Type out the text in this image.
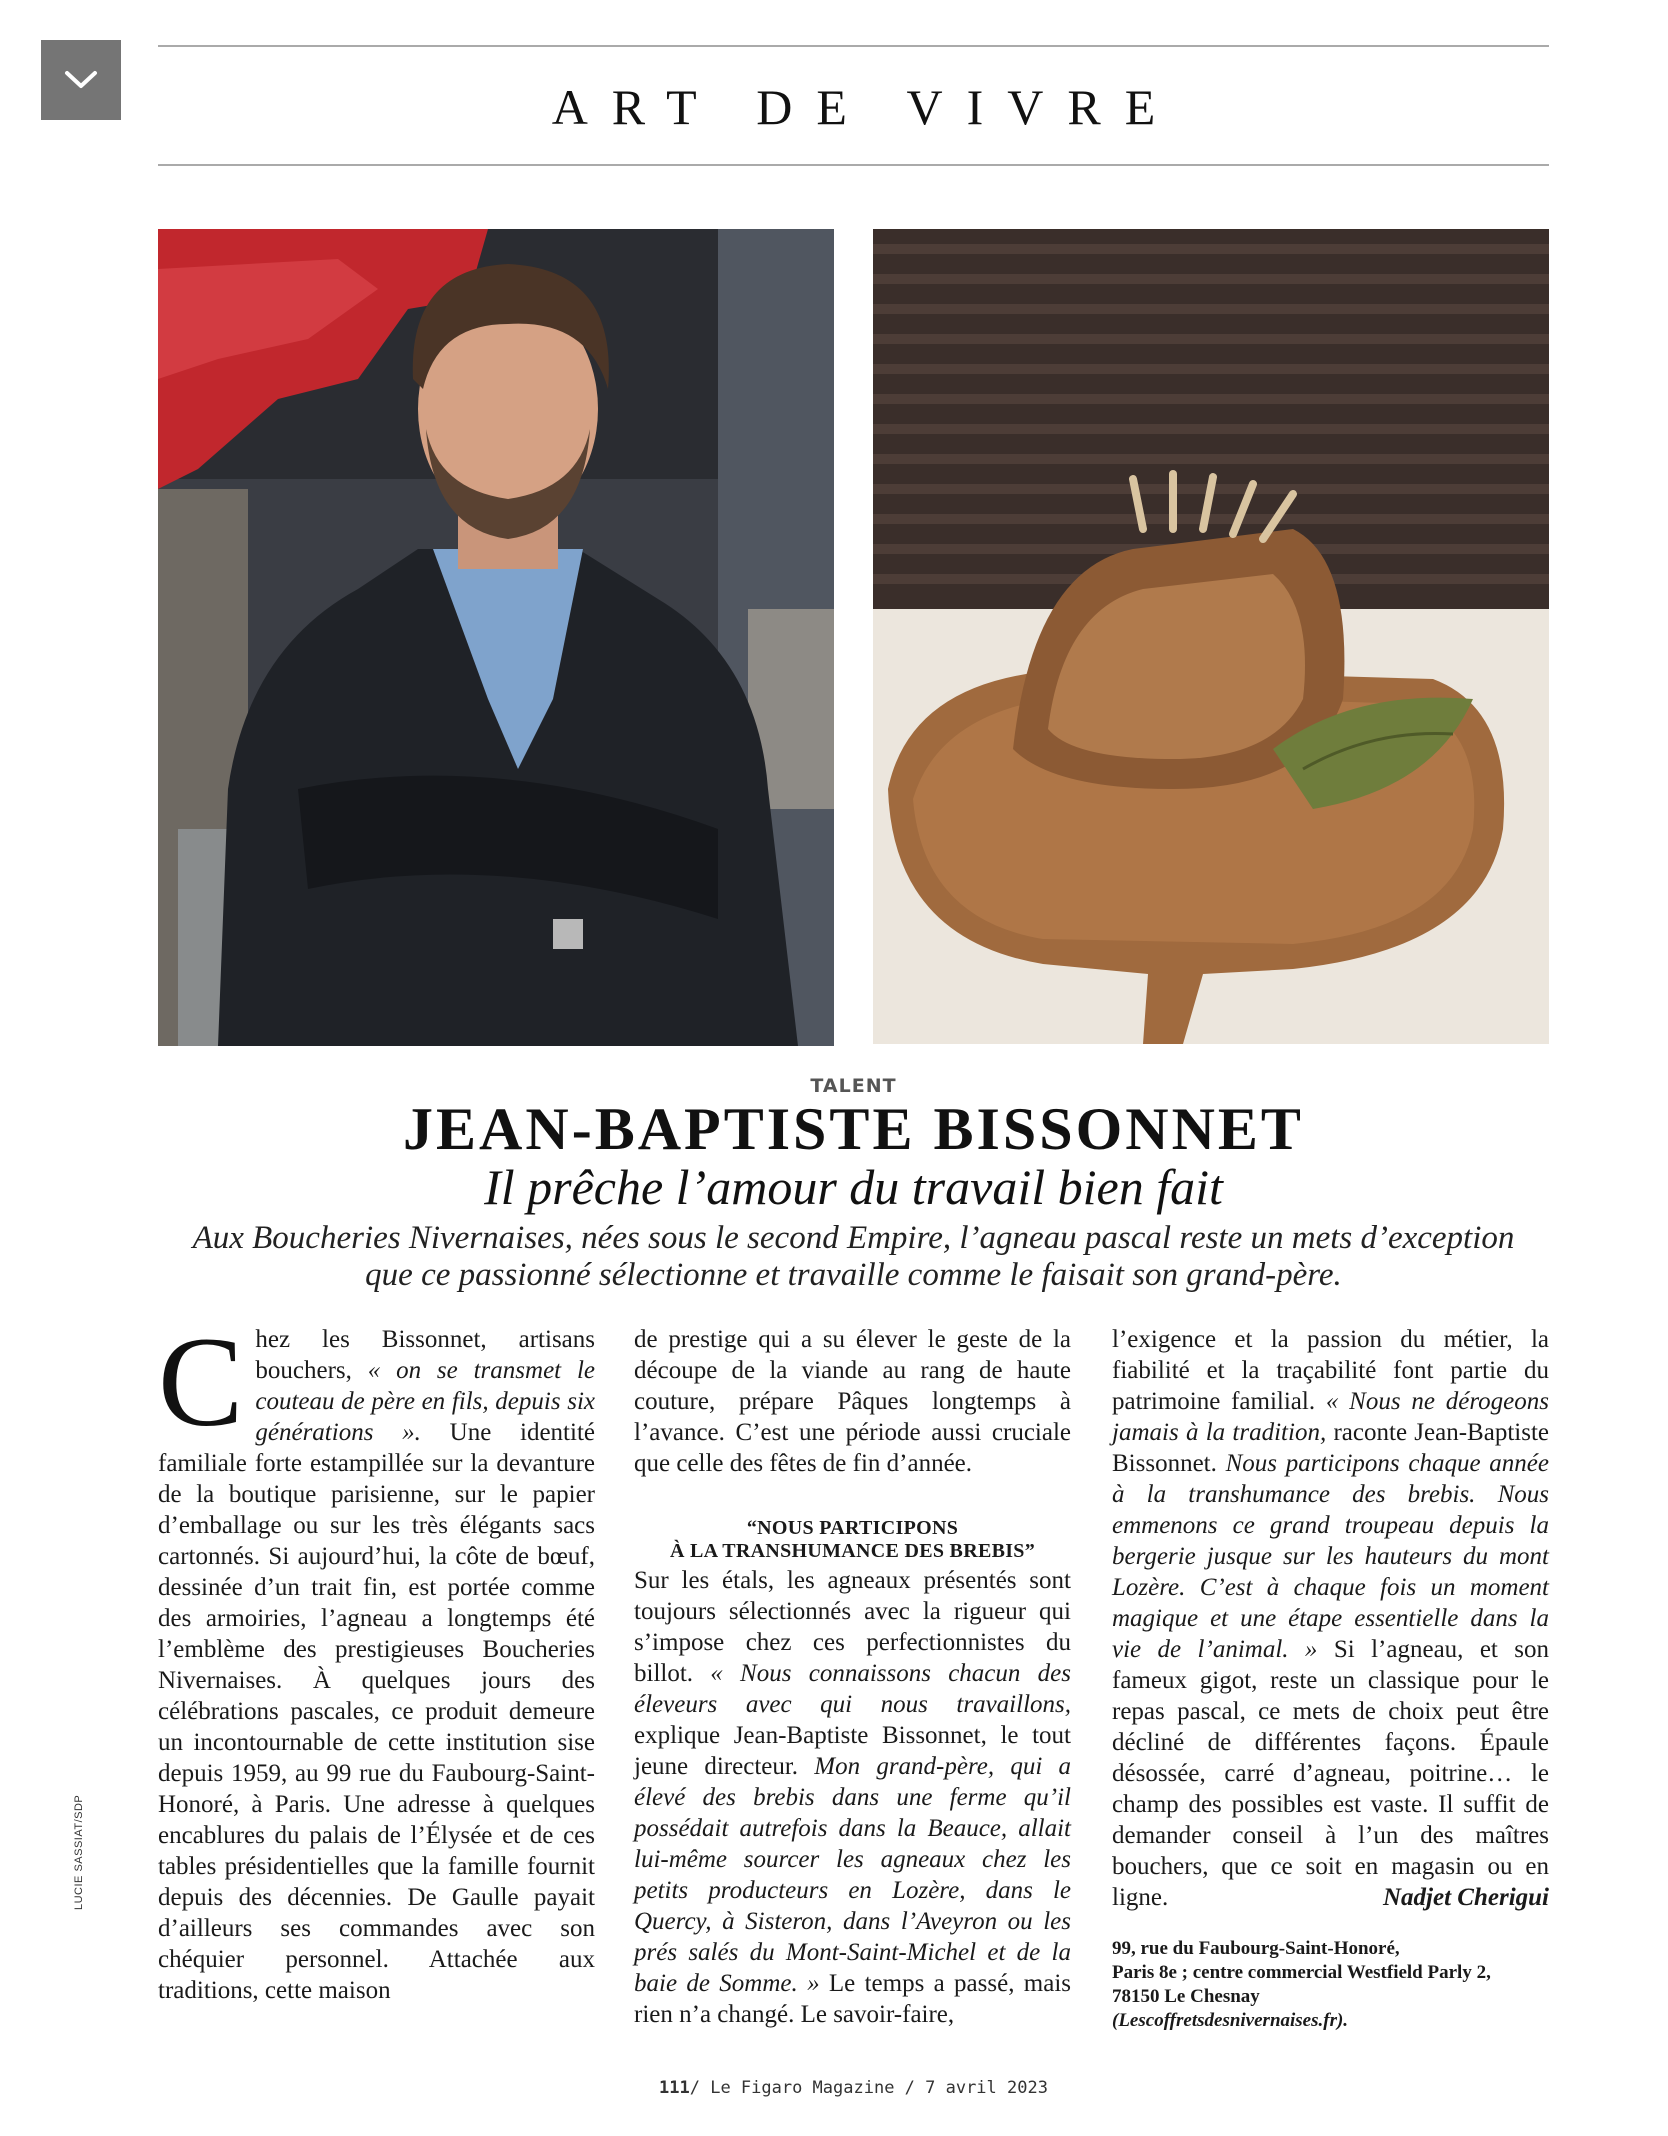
ART DE VIVRE
LUCIE SASSIAT/SDP
TALENT
JEAN-BAPTISTE BISSONNET
Il prêche l’amour du travail bien fait
Aux Boucheries Nivernaises, nées sous le second Empire, l’agneau pascal reste un mets d’exception que ce passionné sélectionne et travaille comme le faisait son grand-père.

Chez les Bissonnet, artisans bouchers, « on se transmet le couteau de père en fils, depuis six générations ». Une identité familiale forte estampillée sur la devanture de la boutique parisienne, sur le papier d’emballage ou sur les très élégants sacs cartonnés. Si aujourd’hui, la côte de bœuf, dessinée d’un trait fin, est portée comme des armoiries, l’agneau a longtemps été l’emblème des prestigieuses Boucheries Nivernaises. À quelques jours des célébrations pascales, ce produit demeure un incontournable de cette institution sise depuis 1959, au 99 rue du Faubourg-Saint-Honoré, à Paris. Une adresse à quelques encablures du palais de l’Élysée et de ces tables présidentielles que la famille fournit depuis des décennies. De Gaulle payait d’ailleurs ses commandes avec son chéquier personnel. Attachée aux traditions, cette maison

de prestige qui a su élever le geste de la découpe de la viande au rang de haute couture, prépare Pâques longtemps à l’avance. C’est une période aussi cruciale que celle des fêtes de fin d’année.

“NOUS PARTICIPONS
À LA TRANSHUMANCE DES BREBIS”

Sur les étals, les agneaux présentés sont toujours sélectionnés avec la rigueur qui s’impose chez ces perfectionnistes du billot. « Nous connaissons chacun des éleveurs avec qui nous travaillons, explique Jean-Baptiste Bissonnet, le tout jeune directeur. Mon grand-père, qui a élevé des brebis dans une ferme qu’il possédait autrefois dans la Beauce, allait lui-même sourcer les agneaux chez les petits producteurs en Lozère, dans le Quercy, à Sisteron, dans l’Aveyron ou les prés salés du Mont-Saint-Michel et de la baie de Somme. » Le temps a passé, mais rien n’a changé. Le savoir-faire,

l’exigence et la passion du métier, la fiabilité et la traçabilité font partie du patrimoine familial. « Nous ne dérogeons jamais à la tradition, raconte Jean-Baptiste Bissonnet. Nous participons chaque année à la transhumance des brebis. Nous emmenons ce grand troupeau depuis la bergerie jusque sur les hauteurs du mont Lozère. C’est à chaque fois un moment magique et une étape essentielle dans la vie de l’animal. » Si l’agneau, et son fameux gigot, reste un classique pour le repas pascal, ce mets de choix peut être décliné de différentes façons. Épaule désossée, carré d’agneau, poitrine… le champ des possibles est vaste. Il suffit de demander conseil à l’un des maîtres bouchers, que ce soit en magasin ou en ligne.	Nadjet Cherigui

99, rue du Faubourg-Saint-Honoré,
Paris 8e ; centre commercial Westfield Parly 2,
78150 Le Chesnay
(Lescoffretsdesnivernaises.fr).
111/ Le Figaro Magazine / 7 avril 2023
